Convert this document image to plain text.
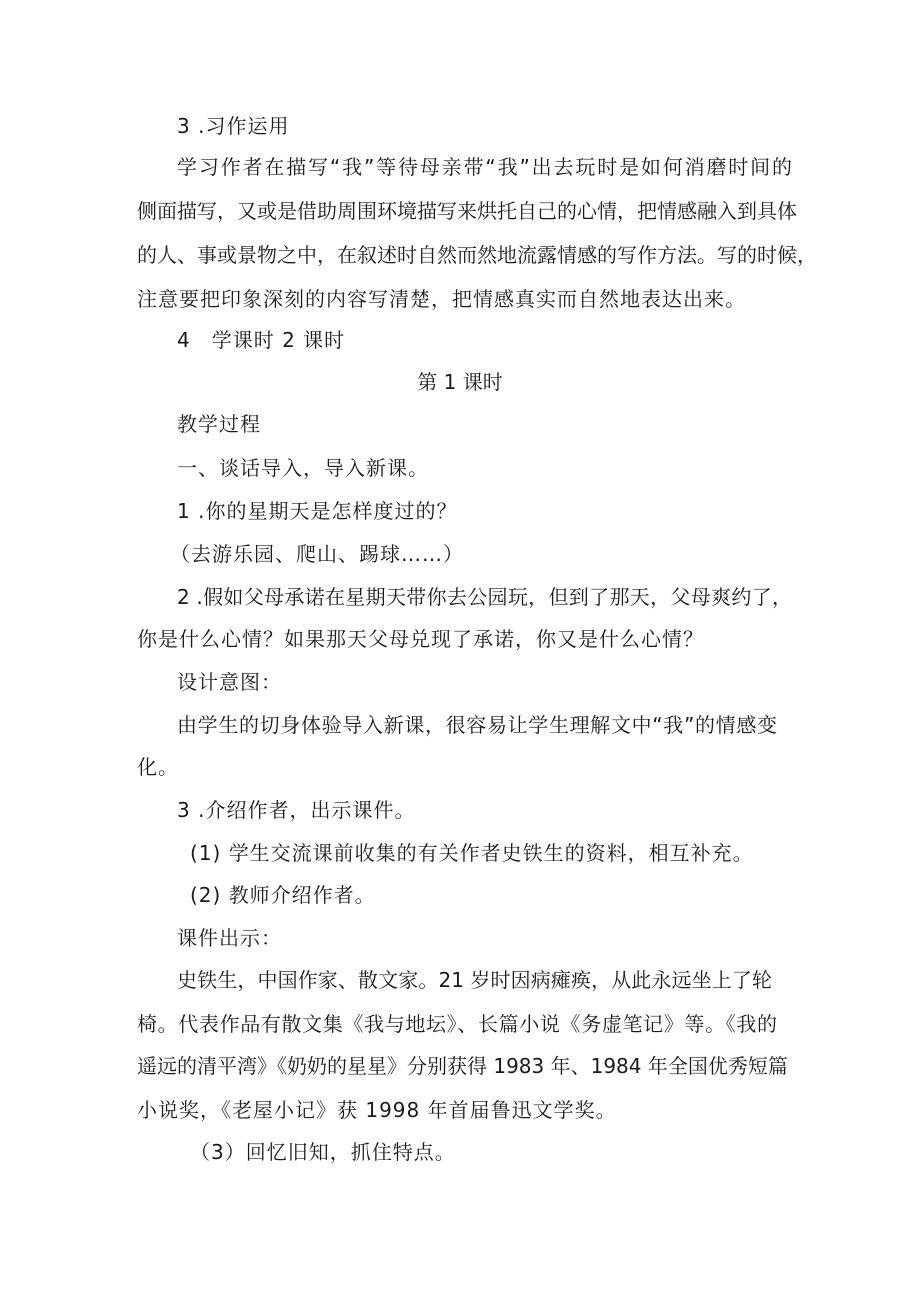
3 .习作运用
学习作者在描写“我”等待母亲带“我”出去玩时是如何消磨时间的
侧面描写，又或是借助周围环境描写来烘托自己的心情，把情感融入到具体
的人、事或景物之中，在叙述时自然而然地流露情感的写作方法。写的时候，
注意要把印象深刻的内容写清楚，把情感真实而自然地表达出来。
4　学课时 2 课时
第 1 课时
教学过程
一、谈话导入，导入新课。
1 .你的星期天是怎样度过的？
（去游乐园、爬山、踢球……）
2 .假如父母承诺在星期天带你去公园玩，但到了那天，父母爽约了，
你是什么心情？如果那天父母兑现了承诺，你又是什么心情？
设计意图：
由学生的切身体验导入新课，很容易让学生理解文中“我”的情感变
化。
3 .介绍作者，出示课件。
(1) 学生交流课前收集的有关作者史铁生的资料，相互补充。
(2) 教师介绍作者。
课件出示：
史铁生，中国作家、散文家。21 岁时因病瘫痪，从此永远坐上了轮
椅。代表作品有散文集《我与地坛》、长篇小说《务虚笔记》等。《我的
遥远的清平湾》《奶奶的星星》分别获得 1983 年、1984 年全国优秀短篇
小说奖，《老屋小记》获 1998 年首届鲁迅文学奖。
（3）回忆旧知，抓住特点。
